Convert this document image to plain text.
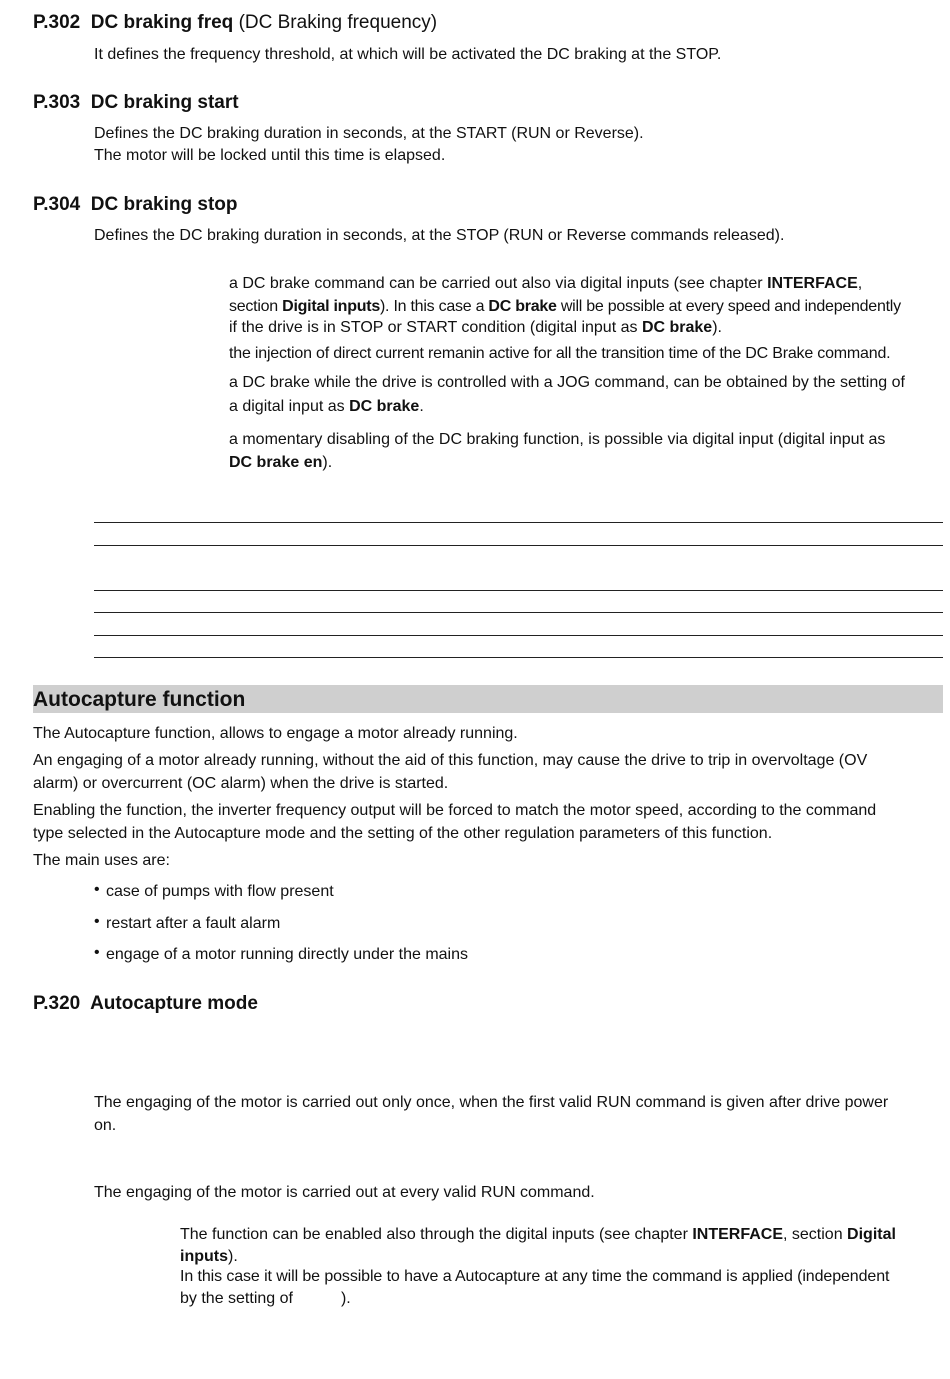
P.302 DC braking freq (DC Braking frequency)
It defines the frequency threshold, at which will be activated the DC braking at the STOP.
P.303 DC braking start
Defines the DC braking duration in seconds, at the START (RUN or Reverse).
The motor will be locked until this time is elapsed.
P.304 DC braking stop
Defines the DC braking duration in seconds, at the STOP (RUN or Reverse commands released).
a DC brake command can be carried out also via digital inputs (see chapter INTERFACE,
section Digital inputs). In this case a DC brake will be possible at every speed and independently
if the drive is in STOP or START condition (digital input as DC brake).
the injection of direct current remanin active for all the transition time of the DC Brake command.
a DC brake while the drive is controlled with a JOG command, can be obtained by the setting of
a digital input as DC brake.
a momentary disabling of the DC braking function, is possible via digital input (digital input as
DC brake en).
Autocapture function
The Autocapture function, allows to engage a motor already running.
An engaging of a motor already running, without the aid of this function, may cause the drive to trip in overvoltage (OV
alarm) or overcurrent (OC alarm) when the drive is started.
Enabling the function, the inverter frequency output will be forced to match the motor speed, according to the command
type selected in the Autocapture mode and the setting of the other regulation parameters of this function.
The main uses are:
• case of pumps with flow present
• restart after a fault alarm
• engage of a motor running directly under the mains
P.320 Autocapture mode
The engaging of the motor is carried out only once, when the first valid RUN command is given after drive power
on.
The engaging of the motor is carried out at every valid RUN command.
The function can be enabled also through the digital inputs (see chapter INTERFACE, section Digital
inputs).
In this case it will be possible to have a Autocapture at any time the command is applied (independent
by the setting of	).
